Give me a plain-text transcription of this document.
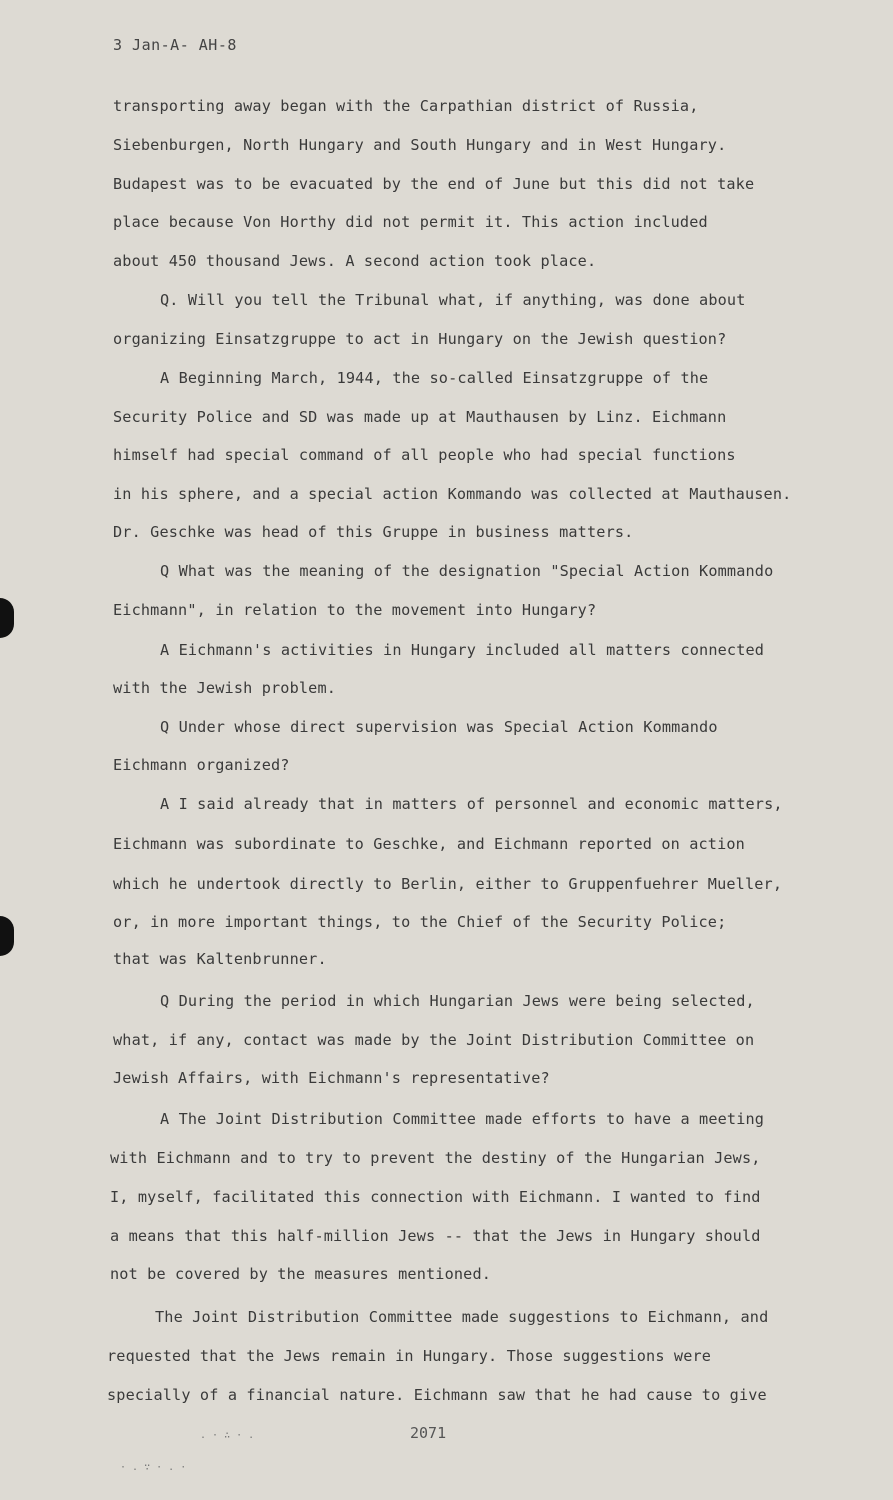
3 Jan-A- AH-8
transporting away began with the Carpathian district of Russia,
Siebenburgen, North Hungary and South Hungary and in West Hungary.
Budapest was to be evacuated by the end of June but this did not take
place because Von Horthy did not permit it. This action included
about 450 thousand Jews. A second action took place.
Q. Will you tell the Tribunal what, if anything, was done about
organizing Einsatzgruppe to act in Hungary on the Jewish question?
A Beginning March, 1944, the so-called Einsatzgruppe of the
Security Police and SD was made up at Mauthausen by Linz. Eichmann
himself had special command of all people who had special functions
in his sphere, and a special action Kommando was collected at Mauthausen.
Dr. Geschke was head of this Gruppe in business matters.
Q What was the meaning of the designation "Special Action Kommando
Eichmann", in relation to the movement into Hungary?
A Eichmann's activities in Hungary included all matters connected
with the Jewish problem.
Q Under whose direct supervision was Special Action Kommando
Eichmann organized?
A I said already that in matters of personnel and economic matters,
Eichmann was subordinate to Geschke, and Eichmann reported on action
which he undertook directly to Berlin, either to Gruppenfuehrer Mueller,
or, in more important things, to the Chief of the Security Police;
that was Kaltenbrunner.
Q During the period in which Hungarian Jews were being selected,
what, if any, contact was made by the Joint Distribution Committee on
Jewish Affairs, with Eichmann's representative?
A The Joint Distribution Committee made efforts to have a meeting
with Eichmann and to try to prevent the destiny of the Hungarian Jews,
I, myself, facilitated this connection with Eichmann. I wanted to find
a means that this half-million Jews -- that the Jews in Hungary should
not be covered by the measures mentioned.
The Joint Distribution Committee made suggestions to Eichmann, and
requested that the Jews remain in Hungary. Those suggestions were
specially of a financial nature. Eichmann saw that he had cause to give
2071
. · ∴ · .
· . ∵ · . ·
